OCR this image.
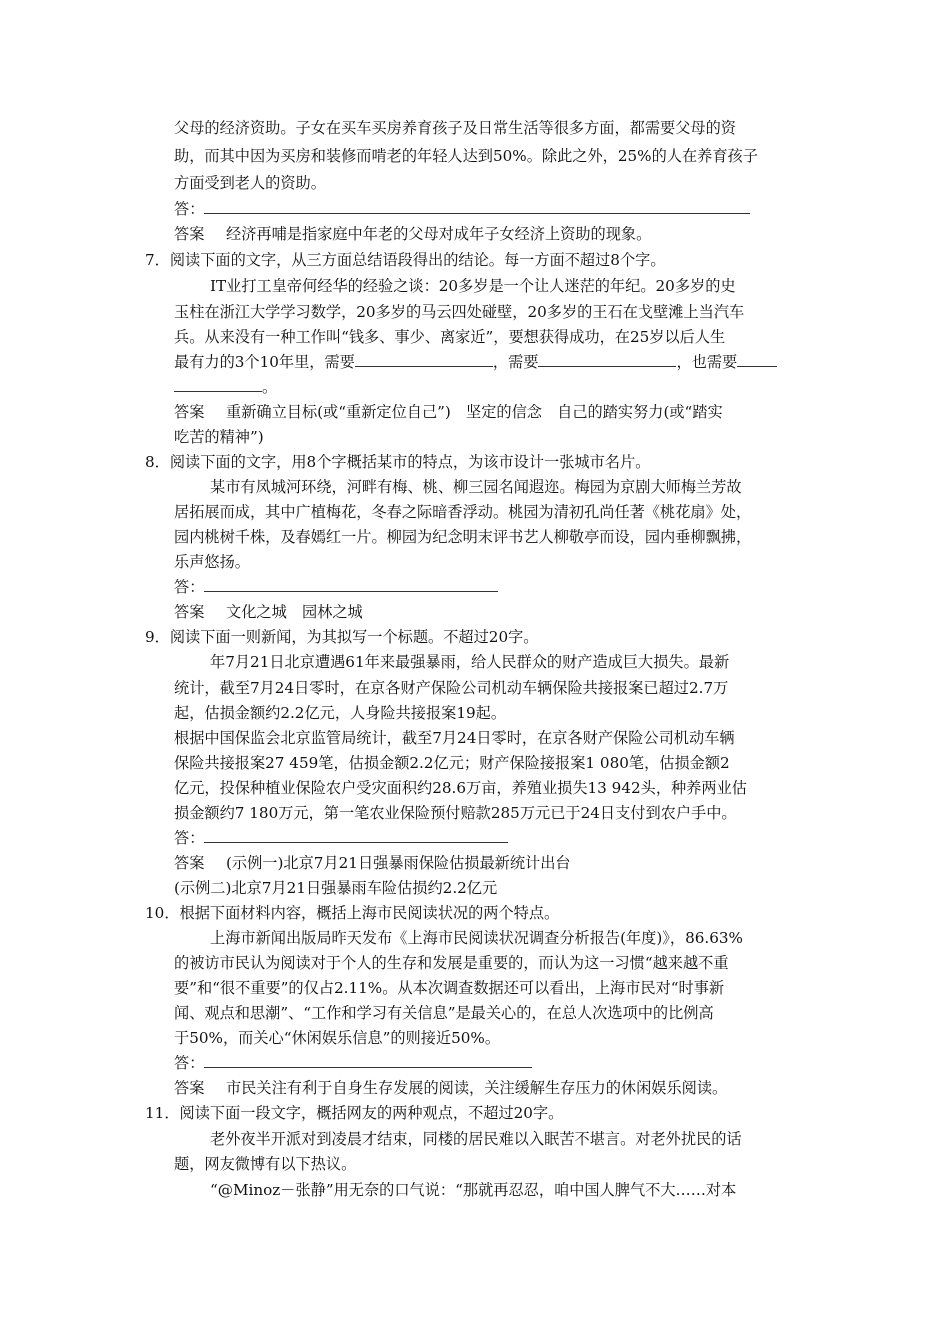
父母的经济资助。子女在买车买房养育孩子及日常生活等很多方面，都需要父母的资
助，而其中因为买房和装修而啃老的年轻人达到50%。除此之外，25%的人在养育孩子
方面受到老人的资助。
答：
答案 经济再哺是指家庭中年老的父母对成年子女经济上资助的现象。
7．阅读下面的文字，从三方面总结语段得出的结论。每一方面不超过8个字。
IT业打工皇帝何经华的经验之谈：20多岁是一个让人迷茫的年纪。20多岁的史
玉柱在浙江大学学习数学，20多岁的马云四处碰壁，20多岁的王石在戈壁滩上当汽车
兵。从来没有一种工作叫“钱多、事少、离家近”，要想获得成功，在25岁以后人生
最有力的3个10年里，需要	，需要	，也需要
。
答案 重新确立目标(或“重新定位自己”)　坚定的信念　自己的踏实努力(或“踏实
吃苦的精神”)
8．阅读下面的文字，用8个字概括某市的特点，为该市设计一张城市名片。
某市有凤城河环绕，河畔有梅、桃、柳三园名闻遐迩。梅园为京剧大师梅兰芳故
居拓展而成，其中广植梅花，冬春之际暗香浮动。桃园为清初孔尚任著《桃花扇》处，
园内桃树千株，及春嫣红一片。柳园为纪念明末评书艺人柳敬亭而设，园内垂柳飘拂，
乐声悠扬。
答：
答案 文化之城　园林之城
9．阅读下面一则新闻，为其拟写一个标题。不超过20字。
年7月21日北京遭遇61年来最强暴雨，给人民群众的财产造成巨大损失。最新
统计，截至7月24日零时，在京各财产保险公司机动车辆保险共接报案已超过2.7万
起，估损金额约2.2亿元，人身险共接报案19起。
根据中国保监会北京监管局统计，截至7月24日零时，在京各财产保险公司机动车辆
保险共接报案27 459笔，估损金额2.2亿元；财产保险接报案1 080笔，估损金额2
亿元，投保种植业保险农户受灾面积约28.6万亩，养殖业损失13 942头，种养两业估
损金额约7 180万元，第一笔农业保险预付赔款285万元已于24日支付到农户手中。
答：
答案 (示例一)北京7月21日强暴雨保险估损最新统计出台
(示例二)北京7月21日强暴雨车险估损约2.2亿元
10．根据下面材料内容，概括上海市民阅读状况的两个特点。
上海市新闻出版局昨天发布《上海市民阅读状况调查分析报告(年度)》，86.63%
的被访市民认为阅读对于个人的生存和发展是重要的，而认为这一习惯“越来越不重
要”和“很不重要”的仅占2.11%。从本次调查数据还可以看出，上海市民对“时事新
闻、观点和思潮”、“工作和学习有关信息”是最关心的，在总人次选项中的比例高
于50%，而关心“休闲娱乐信息”的则接近50%。
答：
答案 市民关注有利于自身生存发展的阅读，关注缓解生存压力的休闲娱乐阅读。
11．阅读下面一段文字，概括网友的两种观点，不超过20字。
老外夜半开派对到凌晨才结束，同楼的居民难以入眠苦不堪言。对老外扰民的话
题，网友微博有以下热议。
“@Minoz－张静”用无奈的口气说：“那就再忍忍，咱中国人脾气不大……对本
